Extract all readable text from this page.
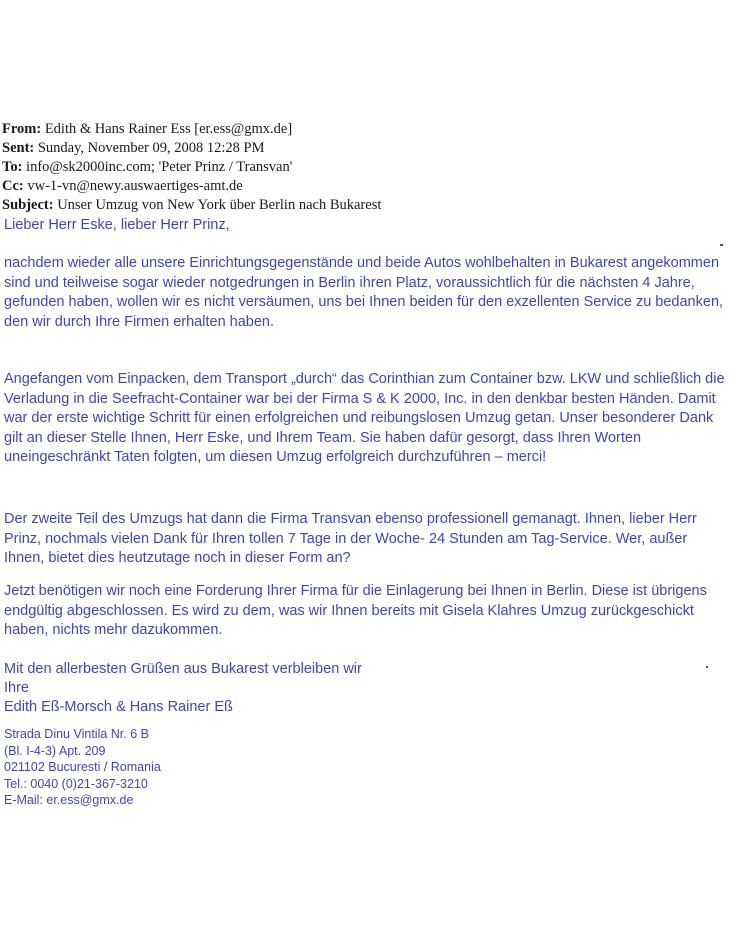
From: Edith & Hans Rainer Ess [er.ess@gmx.de]
Sent: Sunday, November 09, 2008 12:28 PM
To: info@sk2000inc.com; 'Peter Prinz / Transvan'
Cc: vw-1-vn@newy.auswaertiges-amt.de
Subject: Unser Umzug von New York über Berlin nach Bukarest

Lieber Herr Eske, lieber Herr Prinz,

nachdem wieder alle unsere Einrichtungsgegenstände und beide Autos wohlbehalten in Bukarest angekommen sind und teilweise sogar wieder notgedrungen in Berlin ihren Platz, voraussichtlich für die nächsten 4 Jahre, gefunden haben, wollen wir es nicht versäumen, uns bei Ihnen beiden für den exzellenten Service zu bedanken, den wir durch Ihre Firmen erhalten haben.

Angefangen vom Einpacken, dem Transport „durch“ das Corinthian zum Container bzw. LKW und schließlich die Verladung in die Seefracht-Container war bei der Firma S & K 2000, Inc. in den denkbar besten Händen. Damit war der erste wichtige Schritt für einen erfolgreichen und reibungslosen Umzug getan. Unser besonderer Dank gilt an dieser Stelle Ihnen, Herr Eske, und Ihrem Team. Sie haben dafür gesorgt, dass Ihren Worten uneingeschränkt Taten folgten, um diesen Umzug erfolgreich durchzuführen – merci!

Der zweite Teil des Umzugs hat dann die Firma Transvan ebenso professionell gemanagt. Ihnen, lieber Herr Prinz, nochmals vielen Dank für Ihren tollen 7 Tage in der Woche- 24 Stunden am Tag-Service. Wer, außer Ihnen, bietet dies heutzutage noch in dieser Form an?

Jetzt benötigen wir noch eine Forderung Ihrer Firma für die Einlagerung bei Ihnen in Berlin. Diese ist übrigens endgültig abgeschlossen. Es wird zu dem, was wir Ihnen bereits mit Gisela Klahres Umzug zurückgeschickt haben, nichts mehr dazukommen.

Mit den allerbesten Grüßen aus Bukarest verbleiben wir

Ihre

Edith Eß-Morsch & Hans Rainer Eß

Strada Dinu Vintila Nr. 6 B
(Bl. I-4-3) Apt. 209
021102 Bucuresti / Romania
Tel.: 0040 (0)21-367-3210
E-Mail: er.ess@gmx.de
